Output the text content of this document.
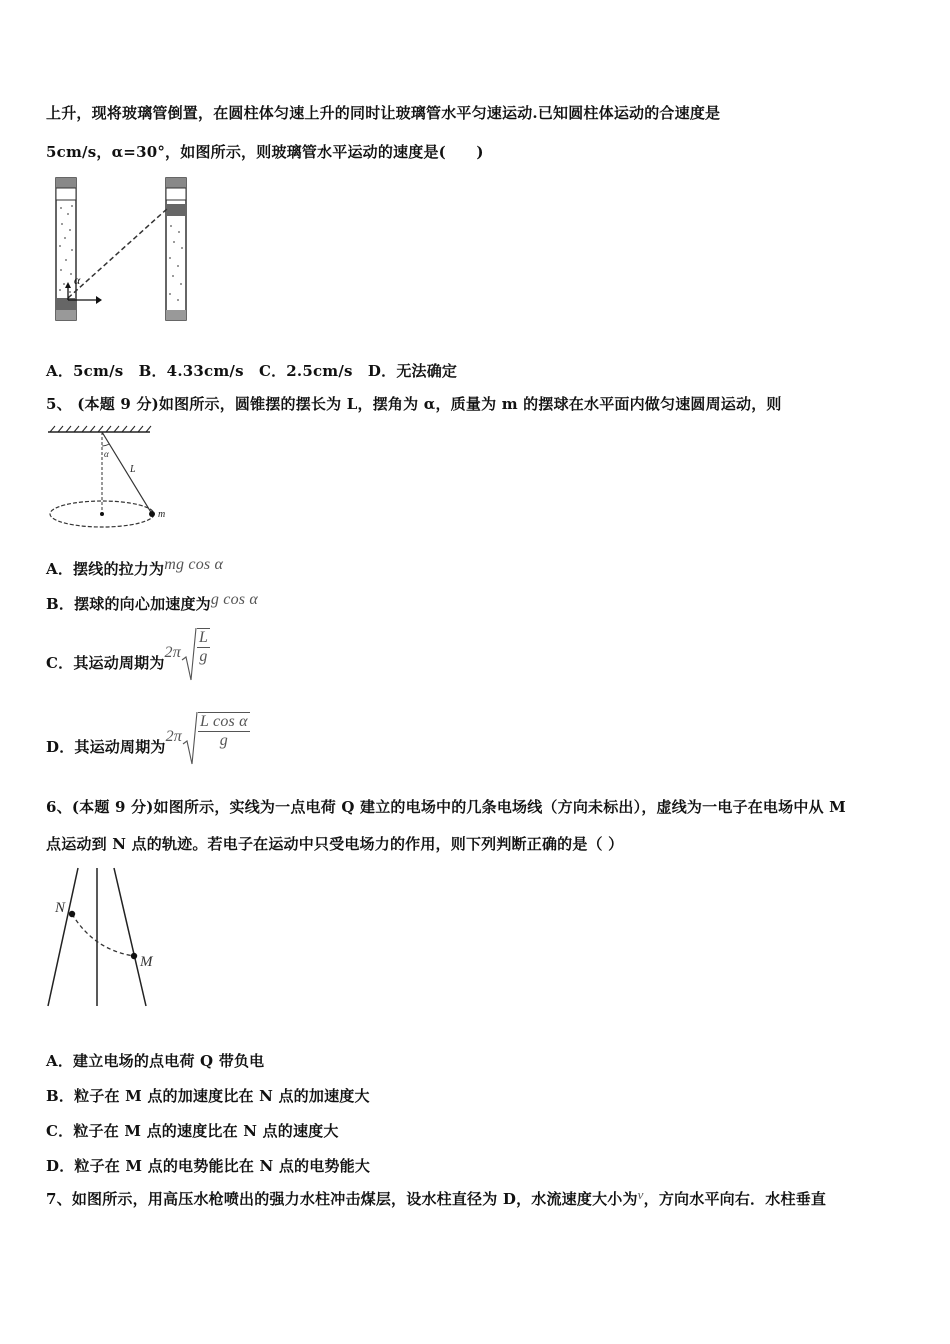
上升，现将玻璃管倒置，在圆柱体匀速上升的同时让玻璃管水平匀速运动.已知圆柱体运动的合速度是
5cm/s，α=30°，如图所示，则玻璃管水平运动的速度是(　　)
α
A．5cm/s　B．4.33cm/s　C．2.5cm/s　D．无法确定
5、 (本题 9 分)如图所示，圆锥摆的摆长为 L，摆角为 α，质量为 m 的摆球在水平面内做匀速圆周运动，则
α
L
m
A．摆线的拉力为mg cos α
B．摆球的向心加速度为g cos α
C．其运动周期为$2\pi \frac{L}{g}$
D．其运动周期为$2\pi \frac{\text{L cos α}}{g}$
6、(本题 9 分)如图所示，实线为一点电荷 Q 建立的电场中的几条电场线（方向未标出），虚线为一电子在电场中从 M
点运动到 N 点的轨迹。若电子在运动中只受电场力的作用，则下列判断正确的是（ ）
N
M
A．建立电场的点电荷 Q 带负电
B．粒子在 M 点的加速度比在 N 点的加速度大
C．粒子在 M 点的速度比在 N 点的速度大
D．粒子在 M 点的电势能比在 N 点的电势能大
7、如图所示，用高压水枪喷出的强力水柱冲击煤层，设水柱直径为 D，水流速度大小为v，方向水平向右．水柱垂直
